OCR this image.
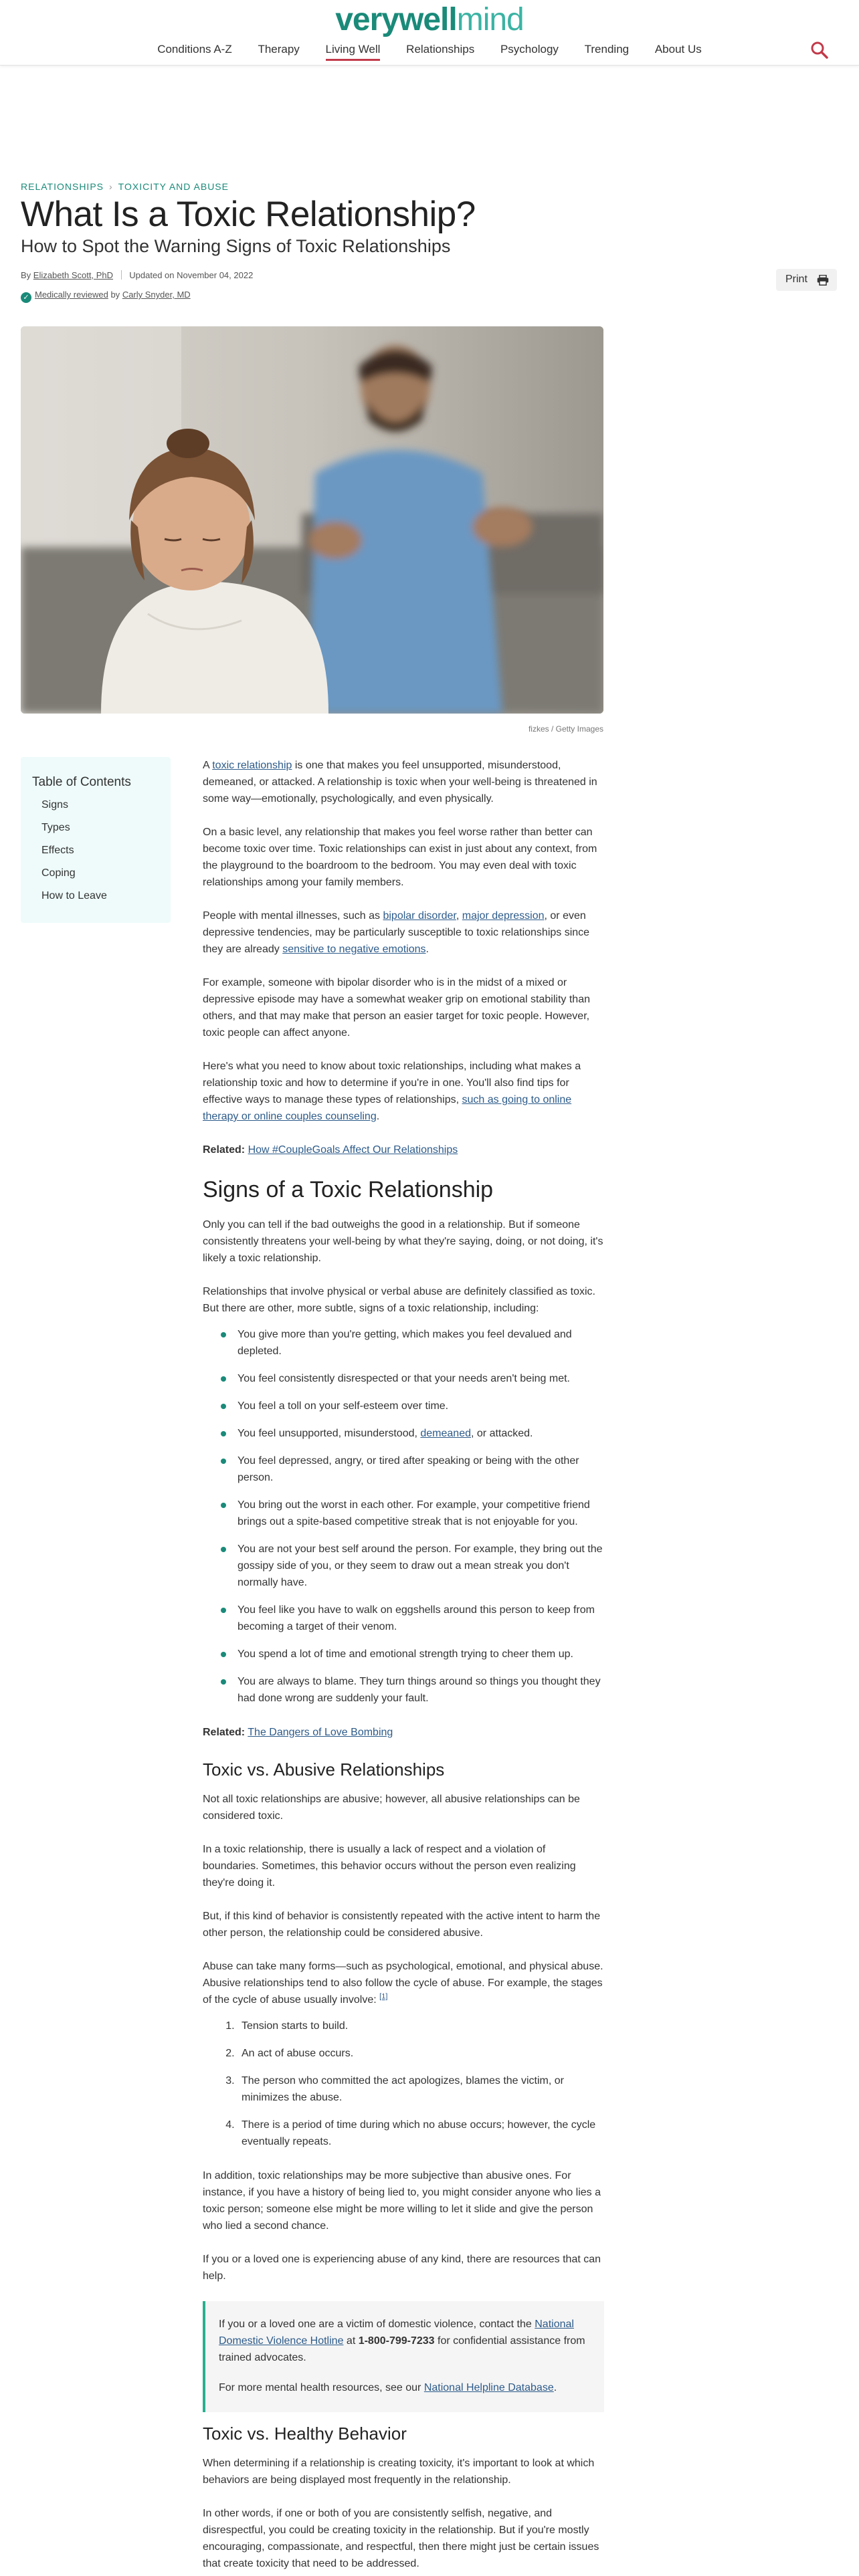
verywellmind
Conditions A-Z Therapy Living Well Relationships Psychology Trending About Us
RELATIONSHIPS › TOXICITY AND ABUSE
What Is a Toxic Relationship?
How to Spot the Warning Signs of Toxic Relationships
By Elizabeth Scott, PhD Updated on November 04, 2022
✓ Medically reviewed by Carly Snyder, MD
Print
fizkes / Getty Images
Table of Contents
Signs
Types
Effects
Coping
How to Leave

A toxic relationship is one that makes you feel unsupported, misunderstood, demeaned, or attacked. A relationship is toxic when your well-being is threatened in some way—emotionally, psychologically, and even physically.

On a basic level, any relationship that makes you feel worse rather than better can become toxic over time. Toxic relationships can exist in just about any context, from the playground to the boardroom to the bedroom. You may even deal with toxic relationships among your family members.

People with mental illnesses, such as bipolar disorder, major depression, or even depressive tendencies, may be particularly susceptible to toxic relationships since they are already sensitive to negative emotions.

For example, someone with bipolar disorder who is in the midst of a mixed or depressive episode may have a somewhat weaker grip on emotional stability than others, and that may make that person an easier target for toxic people. However, toxic people can affect anyone.

Here's what you need to know about toxic relationships, including what makes a relationship toxic and how to determine if you're in one. You'll also find tips for effective ways to manage these types of relationships, such as going to online therapy or online couples counseling.

Related: How #CoupleGoals Affect Our Relationships

Signs of a Toxic Relationship

Only you can tell if the bad outweighs the good in a relationship. But if someone consistently threatens your well-being by what they're saying, doing, or not doing, it's likely a toxic relationship.

Relationships that involve physical or verbal abuse are definitely classified as toxic. But there are other, more subtle, signs of a toxic relationship, including:

You give more than you're getting, which makes you feel devalued and depleted.
You feel consistently disrespected or that your needs aren't being met.
You feel a toll on your self-esteem over time.
You feel unsupported, misunderstood, demeaned, or attacked.
You feel depressed, angry, or tired after speaking or being with the other person.
You bring out the worst in each other. For example, your competitive friend brings out a spite-based competitive streak that is not enjoyable for you.
You are not your best self around the person. For example, they bring out the gossipy side of you, or they seem to draw out a mean streak you don't normally have.
You feel like you have to walk on eggshells around this person to keep from becoming a target of their venom.
You spend a lot of time and emotional strength trying to cheer them up.
You are always to blame. They turn things around so things you thought they had done wrong are suddenly your fault.

Related: The Dangers of Love Bombing

Toxic vs. Abusive Relationships

Not all toxic relationships are abusive; however, all abusive relationships can be considered toxic.

In a toxic relationship, there is usually a lack of respect and a violation of boundaries. Sometimes, this behavior occurs without the person even realizing they're doing it.

But, if this kind of behavior is consistently repeated with the active intent to harm the other person, the relationship could be considered abusive.

Abuse can take many forms—such as psychological, emotional, and physical abuse. Abusive relationships tend to also follow the cycle of abuse. For example, the stages of the cycle of abuse usually involve: [1]

1. Tension starts to build.
2. An act of abuse occurs.
3. The person who committed the act apologizes, blames the victim, or minimizes the abuse.
4. There is a period of time during which no abuse occurs; however, the cycle eventually repeats.

In addition, toxic relationships may be more subjective than abusive ones. For instance, if you have a history of being lied to, you might consider anyone who lies a toxic person; someone else might be more willing to let it slide and give the person who lied a second chance.

If you or a loved one is experiencing abuse of any kind, there are resources that can help.

If you or a loved one are a victim of domestic violence, contact the National Domestic Violence Hotline at 1-800-799-7233 for confidential assistance from trained advocates.

For more mental health resources, see our National Helpline Database.

Toxic vs. Healthy Behavior

When determining if a relationship is creating toxicity, it's important to look at which behaviors are being displayed most frequently in the relationship.

In other words, if one or both of you are consistently selfish, negative, and disrespectful, you could be creating toxicity in the relationship. But if you're mostly encouraging, compassionate, and respectful, then there might just be certain issues that create toxicity that need to be addressed.
